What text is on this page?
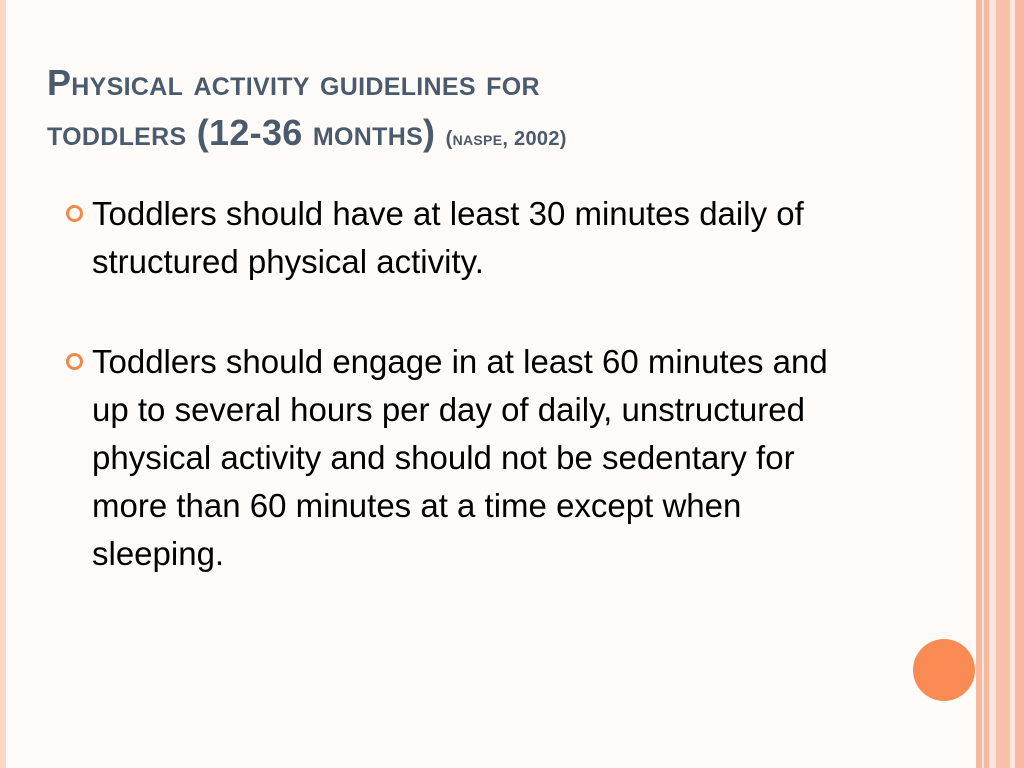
Physical activity guidelines for
toddlers (12-36 months) (naspe, 2002)
Toddlers should have at least 30 minutes daily of structured physical activity.
Toddlers should engage in at least 60 minutes and up to several hours per day of daily, unstructured physical activity and should not be sedentary for more than 60 minutes at a time except when sleeping.
